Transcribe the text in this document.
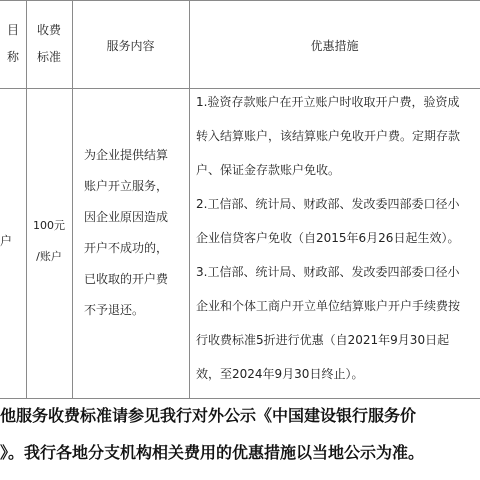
目
称
收费
标准
服务内容	优惠措施
户
100元
/账户
为企业提供结算
账户开立服务，
因企业原因造成
开户不成功的，
已收取的开户费
不予退还。
1.验资存款账户在开立账户时收取开户费，验资成
转入结算账户，该结算账户免收开户费。定期存款
户、保证金存款账户免收。
2.工信部、统计局、财政部、发改委四部委口径小
企业信贷客户免收（自2015年6月26日起生效）。
3.工信部、统计局、财政部、发改委四部委口径小
企业和个体工商户开立单位结算账户开户手续费按
行收费标准5折进行优惠（自2021年9月30日起
效，至2024年9月30日终止）。
他服务收费标准请参见我行对外公示《中国建设银行服务价
》。我行各地分支机构相关费用的优惠措施以当地公示为准。
